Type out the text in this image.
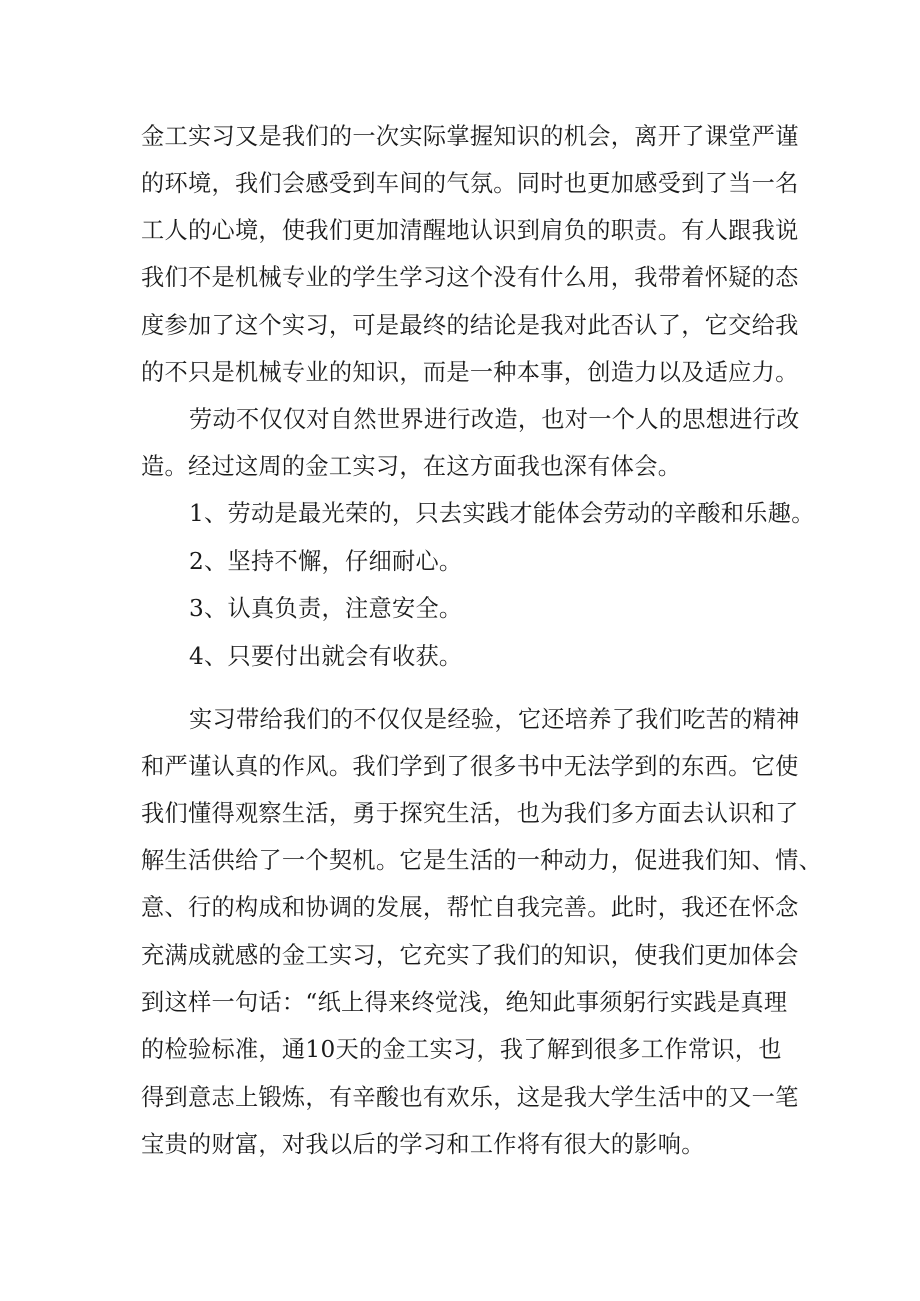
金工实习又是我们的一次实际掌握知识的机会，离开了课堂严谨
的环境，我们会感受到车间的气氛。同时也更加感受到了当一名
工人的心境，使我们更加清醒地认识到肩负的职责。有人跟我说
我们不是机械专业的学生学习这个没有什么用，我带着怀疑的态
度参加了这个实习，可是最终的结论是我对此否认了，它交给我
的不只是机械专业的知识，而是一种本事，创造力以及适应力。
劳动不仅仅对自然世界进行改造，也对一个人的思想进行改
造。经过这周的金工实习，在这方面我也深有体会。
1、劳动是最光荣的，只去实践才能体会劳动的辛酸和乐趣。
2、坚持不懈，仔细耐心。
3、认真负责，注意安全。
4、只要付出就会有收获。
实习带给我们的不仅仅是经验，它还培养了我们吃苦的精神
和严谨认真的作风。我们学到了很多书中无法学到的东西。它使
我们懂得观察生活，勇于探究生活，也为我们多方面去认识和了
解生活供给了一个契机。它是生活的一种动力，促进我们知、情、
意、行的构成和协调的发展，帮忙自我完善。此时，我还在怀念
充满成就感的金工实习，它充实了我们的知识，使我们更加体会
到这样一句话：“纸上得来终觉浅，绝知此事须躬行实践是真理
的检验标准，通10天的金工实习，我了解到很多工作常识，也
得到意志上锻炼，有辛酸也有欢乐，这是我大学生活中的又一笔
宝贵的财富，对我以后的学习和工作将有很大的影响。
